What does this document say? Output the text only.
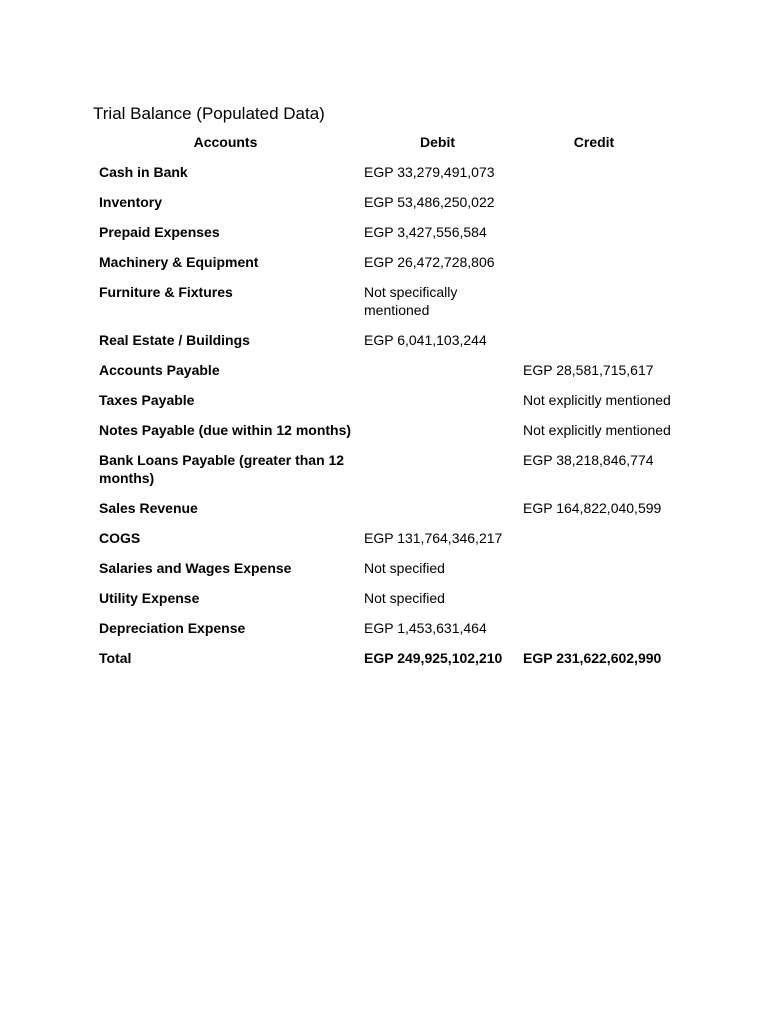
Trial Balance (Populated Data)
Accounts	Debit	Credit
Cash in Bank	EGP 33,279,491,073	
Inventory	EGP 53,486,250,022	
Prepaid Expenses	EGP 3,427,556,584	
Machinery & Equipment	EGP 26,472,728,806	
Furniture & Fixtures	Not specifically mentioned	
Real Estate / Buildings	EGP 6,041,103,244	
Accounts Payable		EGP 28,581,715,617
Taxes Payable		Not explicitly mentioned
Notes Payable (due within 12 months)		Not explicitly mentioned
Bank Loans Payable (greater than 12 months)		EGP 38,218,846,774
Sales Revenue		EGP 164,822,040,599
COGS	EGP 131,764,346,217	
Salaries and Wages Expense	Not specified	
Utility Expense	Not specified	
Depreciation Expense	EGP 1,453,631,464	
Total	EGP 249,925,102,210	EGP 231,622,602,990
